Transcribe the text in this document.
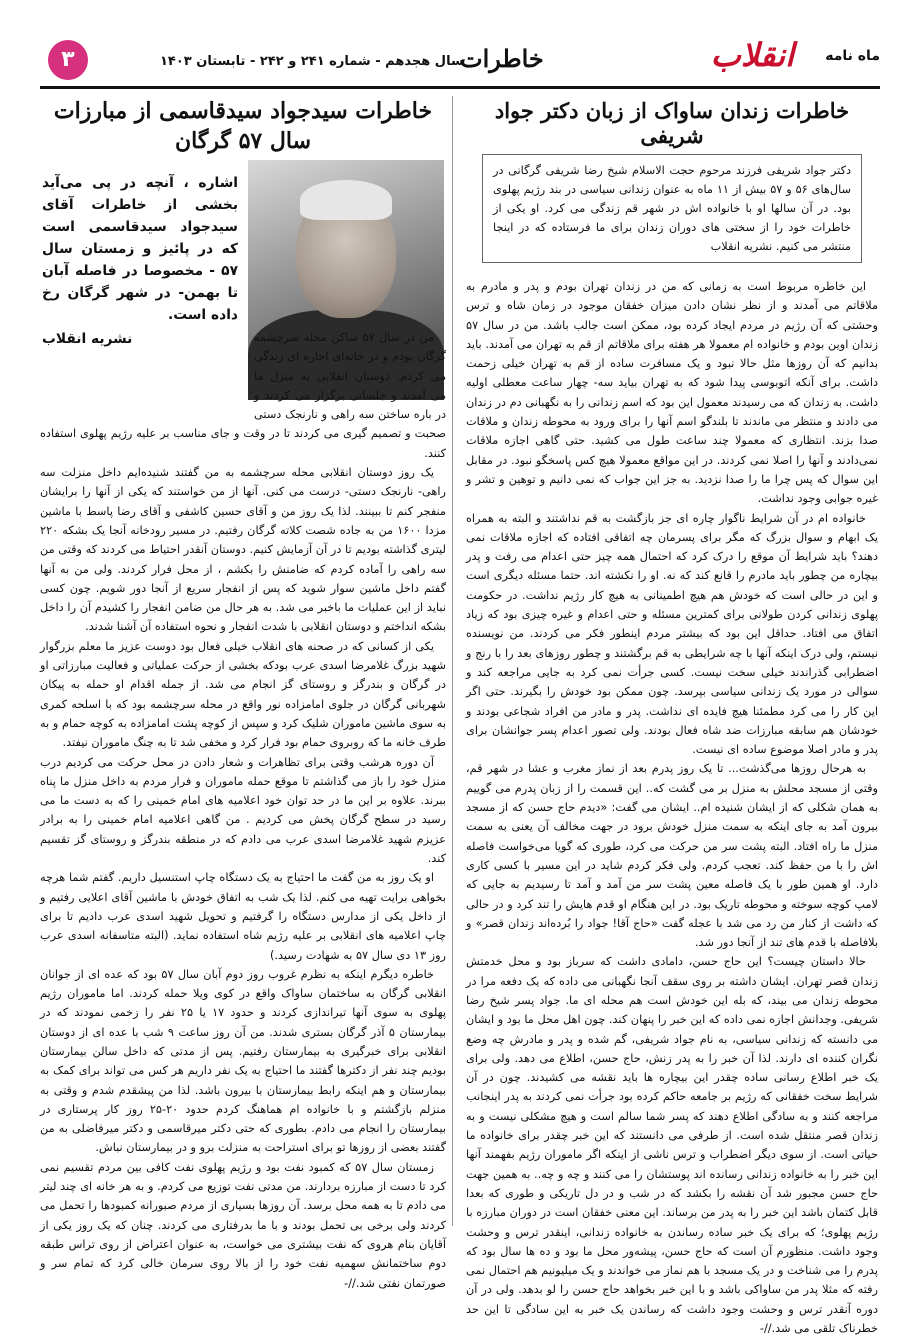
ماه نامه
انقلاب
خاطرات
سال هجدهم - شماره ۲۴۱ و ۲۴۲ - تابستان ۱۴۰۳
۳
خاطرات زندان ساواک از زبان دکتر جواد شریفی
دکتر جواد شریفی فرزند مرحوم حجت الاسلام شیخ رضا شریفی گرگانی در سال‌های ۵۶ و ۵۷ بیش از ۱۱ ماه به عنوان زندانی سیاسی در بند رژیم پهلوی بود. در آن سالها او با خانواده اش در شهر قم زندگی می کرد. او یکی از خاطرات خود را از سختی های دوران زندان برای ما فرستاده که در اینجا منتشر می کنیم. نشریه انقلاب

این خاطره مربوط است به زمانی که من در زندان تهران بودم و پدر و مادرم به ملاقاتم می آمدند و از نظر نشان دادن میزان خفقان موجود در زمان شاه و ترس وحشتی که آن رژیم در مردم ایجاد کرده بود، ممکن است جالب باشد. من در سال ۵۷ زندان اوین بودم و خانواده ام معمولا هر هفته برای ملاقاتم از قم به تهران می آمدند. باید بدانیم که آن روزها مثل حالا نبود و یک مسافرت ساده از قم به تهران خیلی زحمت داشت. برای آنکه اتوبوسی پیدا شود که به تهران بیاید سه- چهار ساعت معطلی اولیه داشت. به زندان که می رسیدند معمول این بود که اسم زندانی را به نگهبانی دم در زندان می دادند و منتظر می ماندند تا بلندگو اسم آنها را برای ورود به محوطه زندان و ملاقات صدا بزند. انتظاری که معمولا چند ساعت طول می کشید. حتی گاهی اجازه ملاقات نمی‌دادند و آنها را اصلا نمی کردند. در این مواقع معمولا هیچ کس پاسخگو نبود. در مقابل این سوال که پس چرا ما را صدا نزدید. به جز این جواب که نمی دانیم و توهین و تشر و غیره جوابی وجود نداشت.

خانواده ام در آن شرایط ناگوار چاره ای جز بازگشت به قم نداشتند و البته به همراه یک ابهام و سوال بزرگ که مگر برای پسرمان چه اتفاقی افتاده که اجازه ملاقات نمی دهند؟ باید شرایط آن موقع را درک کرد که احتمال همه چیز حتی اعدام می رفت و پدر بیچاره من چطور باید مادرم را قانع کند که نه. او را نکشته اند. حتما مسئله دیگری است و این در حالی است که خودش هم هیچ اطمینانی به هیچ کار رژیم نداشت. در حکومت پهلوی زندانی کردن طولانی برای کمترین مسئله و حتی اعدام و غیره چیزی بود که زیاد اتفاق می افتاد. حداقل این بود که بیشتر مردم اینطور فکر می کردند. من نویسنده نیستم، ولی درک اینکه آنها با چه شرایطی به قم برگشتند و چطور روزهای بعد را با رنج و اضطرابی گذراندند خیلی سخت نیست. کسی جرأت نمی کرد به جایی مراجعه کند و سوالی در مورد یک زندانی سیاسی بپرسد. چون ممکن بود خودش را بگیرند. حتی اگر این کار را می کرد مطمئنا هیچ فایده ای نداشت. پدر و مادر من افراد شجاعی بودند و خودشان هم سابقه مبارزات ضد شاه فعال بودند. ولی تصور اعدام پسر جوانشان برای پدر و مادر اصلا موضوع ساده ای نیست.

به هرحال روزها می‌گذشت... تا یک روز پدرم بعد از نماز مغرب و عشا در شهر قم، وقتی از مسجد محلش به منزل بر می گشت که.. این قسمت را از زبان پدرم می گوییم به همان شکلی که از ایشان شنیده ام.. ایشان می گفت: «دیدم حاج حسن که از مسجد بیرون آمد به جای اینکه به سمت منزل خودش برود در جهت مخالف آن یعنی به سمت منزل ما راه افتاد. البته پشت سر من حرکت می کرد، طوری که گویا می‌خواست فاصله اش را با من حفظ کند. تعجب کردم. ولی فکر کردم شاید در این مسیر با کسی کاری دارد. او همین طور با یک فاصله معین پشت سر من آمد و آمد تا رسیدیم به جایی که لامپ کوچه سوخته و محوطه تاریک بود. در این هنگام او قدم هایش را تند کرد و در حالی که داشت از کنار من رد می شد با عجله گفت «حاج آقا! جواد را بُرده‌اند زندان قصر» و بلافاصله با قدم های تند از آنجا دور شد.

حالا داستان چیست؟ این حاج حسن، دامادی داشت که سرباز بود و محل خدمتش زندان قصر تهران. ایشان داشته بر روی سقف آنجا نگهبانی می داده که یک دفعه مرا در محوطه زندان می بیند، که بله این خودش است هم محله ای ما. جواد پسر شیخ رضا شریفی. وجدانش اجازه نمی داده که این خبر را پنهان کند. چون اهل محل ما بود و ایشان می دانسته که زندانی سیاسی، به نام جواد شریفی، گم شده و پدر و مادرش چه وضع نگران کننده ای دارند. لذا آن خبر را به پدر زنش، حاج حسن، اطلاع می دهد. ولی برای یک خبر اطلاع رسانی ساده چقدر این بیچاره ها باید نقشه می کشیدند. چون در آن شرایط سخت خفقانی که رژیم بر جامعه حاکم کرده بود جرأت نمی کردند به پدر اینجانب مراجعه کنند و به سادگی اطلاع دهند که پسر شما سالم است و هیچ مشکلی نیست و به زندان قصر منتقل شده است. از طرفی می دانستند که این خبر چقدر برای خانواده ما حیاتی است. از سوی دیگر اضطراب و ترس ناشی از اینکه اگر ماموران رژیم بفهمند آنها این خبر را به خانواده زندانی رسانده اند پوستشان را می کنند و چه و چه.. به همین جهت حاج حسن مجبور شد آن نقشه را بکشد که در شب و در دل تاریکی و طوری که بعدا قابل کتمان باشد این خبر را به پدر من برساند. این معنی خفقان است در دوران مبارزه با رژیم پهلوی؛ که برای یک خبر ساده رساندن به خانواده زندانی، اینقدر ترس و وحشت وجود داشت. منظورم آن است که حاج حسن، پیشه‌ور محل ما بود و ده ها سال بود که پدرم را می شناخت و در یک مسجد با هم نماز می خواندند و یک میلیونیم هم احتمال نمی رفته که مثلا پدر من ساواکی باشد و با این خبر بخواهد حاج حسن را لو بدهد. ولی در آن دوره آنقدر ترس و وحشت وجود داشت که رساندن یک خبر به این سادگی تا این حد خطرناک تلقی می شد.//-

خاطرات سیدجواد سیدقاسمی از مبارزات سال ۵۷ گرگان
اشاره ، آنچه در پی می‌آید بخشی از خاطرات آقای سیدجواد سیدقاسمی است که در پائیز و زمستان سال ۵۷ - مخصوصا در فاصله آبان تا بهمن- در شهر گرگان رخ داده است.
نشریه انقلاب	من در سال ۵۷ ساکن محله سرچشمه گرگان بودم و در خانه‌ای اجاره ای زندگی می کردم. دوستان انقلابی به منزل ما می آمدند و جلساتی برگزار می کردند و در باره ساختن سه راهی و نارنجک دستی صحبت و تصمیم گیری می کردند تا در وقت و جای مناسب بر علیه رژیم پهلوی استفاده کنند.

یک روز دوستان انقلابی محله سرچشمه به من گفتند شنیده‌ایم داخل منزلت سه راهی- نارنجک دستی- درست می کنی. آنها از من خواستند که یکی از آنها را برایشان منفجر کنم تا ببینند. لذا یک روز من و آقای حسین کاشفی و آقای رضا پاسط با ماشین مزدا ۱۶۰۰ من به جاده شصت کلاته گرگان رفتیم. در مسیر رودخانه آنجا یک بشکه ۲۲۰ لیتری گذاشته بودیم تا در آن آزمایش کنیم. دوستان آنقدر احتیاط می کردند که وقتی من سه راهی را آماده کردم که ضامنش را بکشم ، از محل فرار کردند. ولی من به آنها گفتم داخل ماشین سوار شوید که پس از انفجار سریع از آنجا دور شویم. چون کسی نباید از این عملیات ما باخبر می شد. به هر حال من ضامن انفجار را کشیدم آن را داخل بشکه انداختم و دوستان انقلابی با شدت انفجار و نحوه استفاده آن آشنا شدند.

یکی از کسانی که در صحنه های انقلاب خیلی فعال بود دوست عزیز ما معلم بزرگوار شهید بزرگ غلامرضا اسدی عرب بودکه بخشی از حرکت عملیاتی و فعالیت مبارزاتی او در گرگان و بندرگز و روستای گز انجام می شد. از جمله اقدام او حمله به پیکان شهربانی گرگان در جلوی امامزاده نور واقع در محله سرچشمه بود که با اسلحه کمری به سوی ماشین ماموران شلیک کرد و سپس از کوچه پشت امامزاده به کوچه حمام و به طرف خانه ما که روبروی حمام بود فرار کرد و مخفی شد تا به چنگ ماموران نیفتد.

آن دوره هرشب وقتی برای تظاهرات و شعار دادن در محل حرکت می کردیم درب منزل خود را باز می گذاشتم تا موقع حمله ماموران و فرار مردم به داخل منزل ما پناه ببرند. علاوه بر این ما در حد توان خود اعلامیه های امام خمینی را که به دست ما می رسید در سطح گرگان پخش می کردیم . من گاهی اعلامیه امام خمینی را به برادر عزیزم شهید غلامرضا اسدی عرب می دادم که در منطقه بندرگز و روستای گز تقسیم کند.

او یک روز به من گفت ما احتیاج به یک دستگاه چاپ استنسیل داریم. گفتم شما هرچه بخواهی برایت تهیه می کنم. لذا یک شب به اتفاق خودش با ماشین آقای اعلایی رفتیم و از داخل یکی از مدارس دستگاه را گرفتیم و تحویل شهید اسدی عرب دادیم تا برای چاپ اعلامیه های انقلابی بر علیه رژیم شاه استفاده نماید. (البته متاسفانه اسدی عرب روز ۱۳ دی سال ۵۷ به شهادت رسید.)

خاطره دیگرم اینکه به نظرم غروب روز دوم آبان سال ۵۷ بود که عده ای از جوانان انقلابی گرگان به ساختمان ساواک واقع در کوی ویلا حمله کردند. اما ماموران رژیم پهلوی به سوی آنها تیراندازی کردند و حدود ۱۷ یا ۲۵ نفر را زخمی نمودند که در بیمارستان ۵ آذر گرگان بستری شدند. من آن روز ساعت ۹ شب با عده ای از دوستان انقلابی برای خبرگیری به بیمارستان رفتیم. پس از مدتی که داخل سالن بیمارستان بودیم چند نفر از دکترها گفتند ما احتیاج به یک نفر داریم هر کس می تواند برای کمک به بیمارستان و هم اینکه رابط بیمارستان با بیرون باشد. لذا من پیشقدم شدم و وقتی به منزلم بازگشتم و با خانواده ام هماهنگ کردم حدود ۲۰-۲۵ روز کار پرستاری در بیمارستان را انجام می دادم. بطوری که حتی دکتر میرقاسمی و دکتر میرفاضلی به من گفتند بعضی از روزها تو برای استراحت به منزلت برو و در بیمارستان نباش.

زمستان سال ۵۷ که کمبود نفت بود و رژیم پهلوی نفت کافی بین مردم تقسیم نمی کرد تا دست از مبارزه بردارند. من مدتی نفت توزیع می کردم. و به هر خانه ای چند لیتر می دادم تا به همه محل برسد. آن روزها بسیاری از مردم صبورانه کمبودها را تحمل می کردند ولی برخی بی تحمل بودند و با ما بدرفتاری می کردند. چنان که یک روز یکی از آقایان بنام هروی که نفت بیشتری می خواست، به عنوان اعتراض از روی تراس طبقه دوم ساختمانش سهمیه نفت خود را از بالا روی سرمان خالی کرد که تمام سر و صورتمان نفتی شد.//-
